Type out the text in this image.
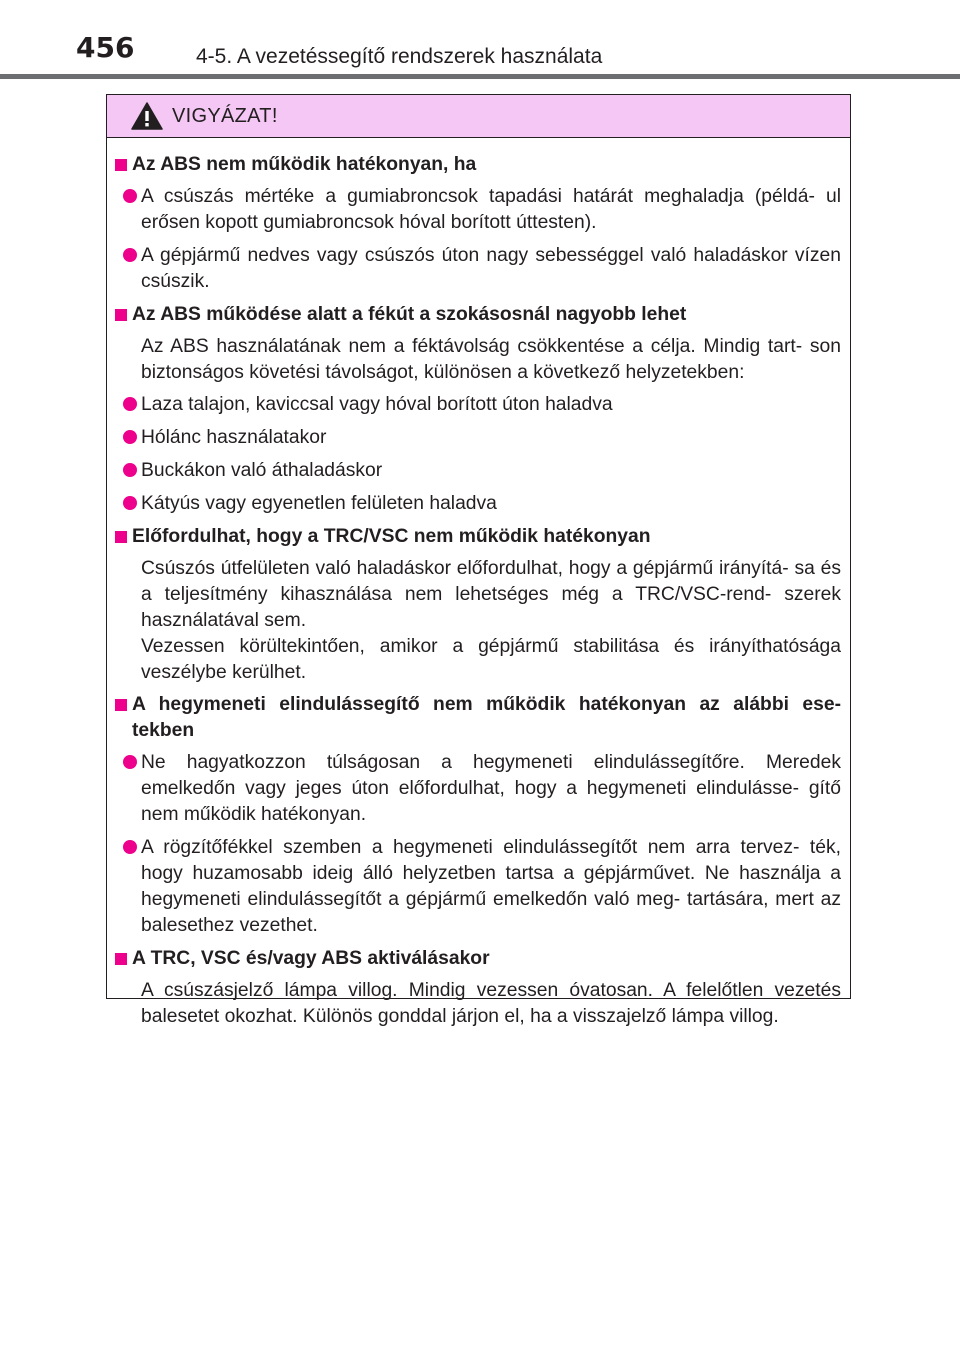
456	4-5. A vezetéssegítő rendszerek használata
VIGYÁZAT!
Az ABS nem működik hatékonyan, ha
A csúszás mértéke a gumiabroncsok tapadási határát meghaladja (példá- ul erősen kopott gumiabroncsok hóval borított úttesten).
A gépjármű nedves vagy csúszós úton nagy sebességgel való haladáskor vízen csúszik.
Az ABS működése alatt a fékút a szokásosnál nagyobb lehet

Az ABS használatának nem a féktávolság csökkentése a célja. Mindig tart- son biztonságos követési távolságot, különösen a következő helyzetekben:

Laza talajon, kaviccsal vagy hóval borított úton haladva
Hólánc használatakor
Buckákon való áthaladáskor
Kátyús vagy egyenetlen felületen haladva
Előfordulhat, hogy a TRC/VSC nem működik hatékonyan

Csúszós útfelületen való haladáskor előfordulhat, hogy a gépjármű irányítá- sa és a teljesítmény kihasználása nem lehetséges még a TRC/VSC-rend- szerek használatával sem.

Vezessen körültekintően, amikor a gépjármű stabilitása és irányíthatósága veszélybe kerülhet.

A hegymeneti elindulássegítő nem működik hatékonyan az alábbi ese- tekben
Ne hagyatkozzon túlságosan a hegymeneti elindulássegítőre. Meredek emelkedőn vagy jeges úton előfordulhat, hogy a hegymeneti elindulásse- gítő nem működik hatékonyan.
A rögzítőfékkel szemben a hegymeneti elindulássegítőt nem arra tervez- ték, hogy huzamosabb ideig álló helyzetben tartsa a gépjárművet. Ne használja a hegymeneti elindulássegítőt a gépjármű emelkedőn való meg- tartására, mert az balesethez vezethet.
A TRC, VSC és/vagy ABS aktiválásakor

A csúszásjelző lámpa villog. Mindig vezessen óvatosan. A felelőtlen vezetés balesetet okozhat. Különös gonddal járjon el, ha a visszajelző lámpa villog.
